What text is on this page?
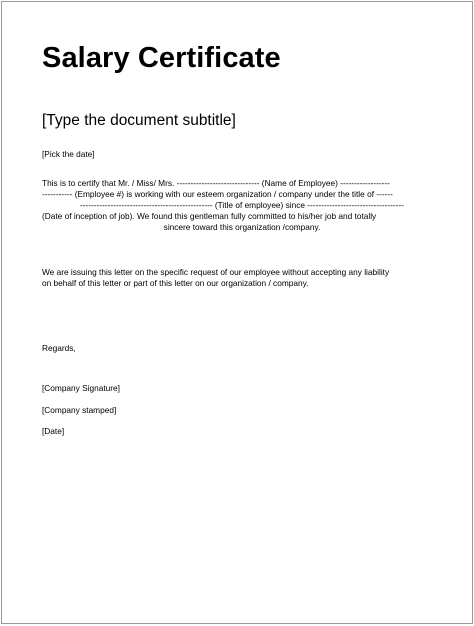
Salary Certificate
[Type the document subtitle]
[Pick the date]
This is to certify that Mr. / Miss/ Mrs. ------------------------------ (Name of Employee) ------------------
----------- (Employee #) is working with our esteem organization / company under the title of ------
------------------------------------------------ (Title of employee) since -----------------------------------
(Date of inception of job). We found this gentleman fully committed to his/her job and totally
sincere toward this organization /company.
We are issuing this letter on the specific request of our employee without accepting any liability
on behalf of this letter or part of this letter on our organization / company.
Regards,
[Company Signature]
[Company stamped]
[Date]
